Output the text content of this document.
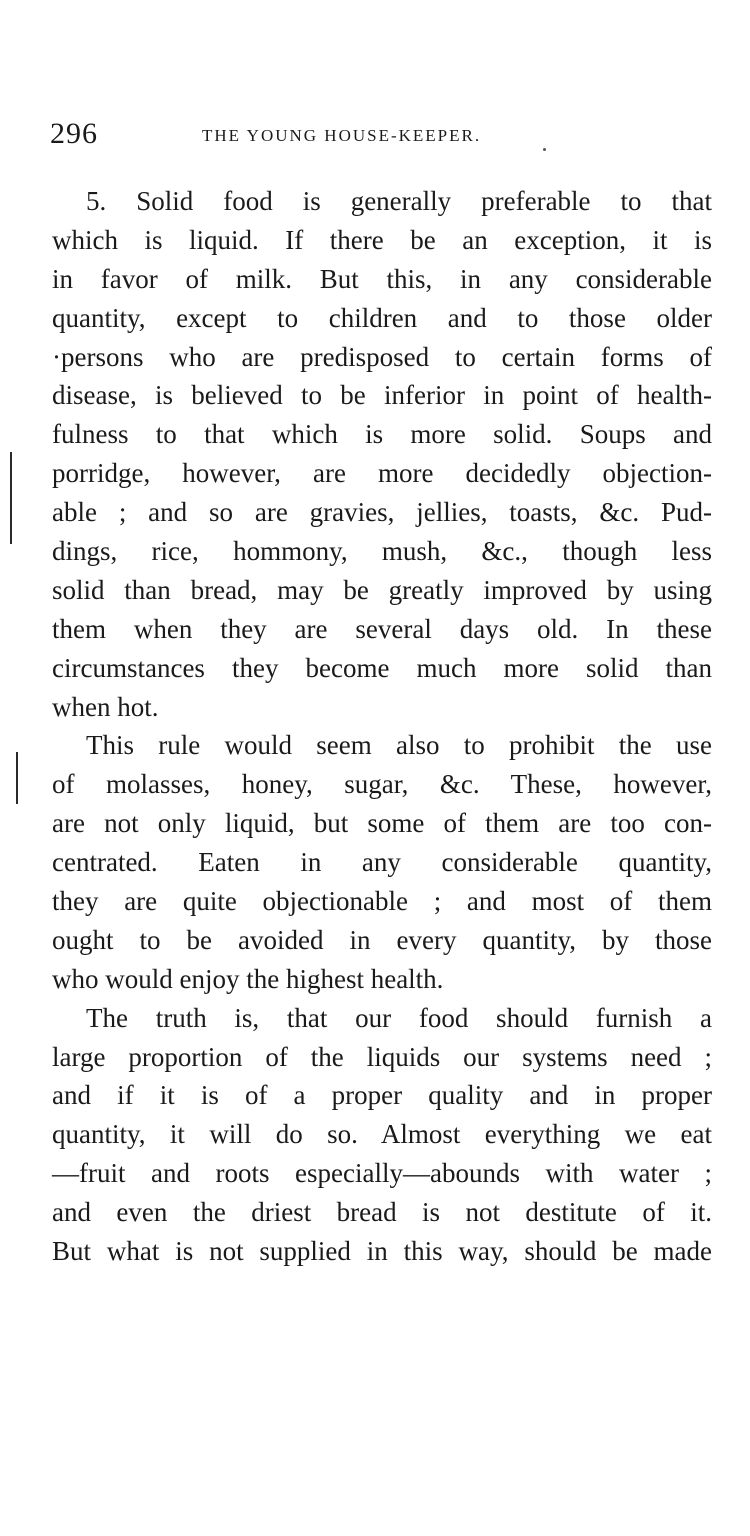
296	THE YOUNG HOUSE-KEEPER.

5. Solid food is generally preferable to that
which is liquid. If there be an exception, it is
in favor of milk. But this, in any considerable
quantity, except to children and to those older
·persons who are predisposed to certain forms of
disease, is believed to be inferior in point of health-
fulness to that which is more solid. Soups and
porridge, however, are more decidedly objection-
able ; and so are gravies, jellies, toasts, &c. Pud-
dings, rice, hommony, mush, &c., though less
solid than bread, may be greatly improved by using
them when they are several days old. In these
circumstances they become much more solid than
when hot.

This rule would seem also to prohibit the use
of molasses, honey, sugar, &c. These, however,
are not only liquid, but some of them are too con-
centrated. Eaten in any considerable quantity,
they are quite objectionable ; and most of them
ought to be avoided in every quantity, by those
who would enjoy the highest health.

The truth is, that our food should furnish a
large proportion of the liquids our systems need ;
and if it is of a proper quality and in proper
quantity, it will do so. Almost everything we eat
—fruit and roots especially—abounds with water ;
and even the driest bread is not destitute of it.
But what is not supplied in this way, should be made
